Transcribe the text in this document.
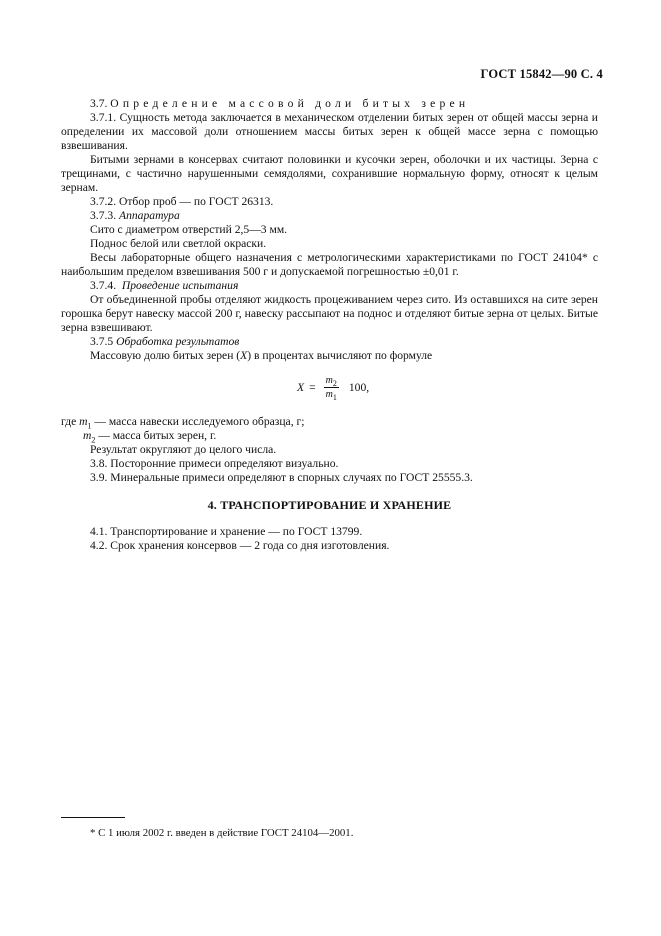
ГОСТ 15842—90 С. 4

3.7. Определение массовой доли битых зерен

3.7.1. Сущность метода заключается в механическом отделении битых зерен от общей массы зерна и определении их массовой доли отношением массы битых зерен к общей массе зерна с помощью взвешивания.

Битыми зернами в консервах считают половинки и кусочки зерен, оболочки и их частицы. Зерна с трещинами, с частично нарушенными семядолями, сохранившие нормальную форму, относят к целым зернам.

3.7.2. Отбор проб — по ГОСТ 26313.

3.7.3. Аппаратура

Сито с диаметром отверстий 2,5—3 мм.

Поднос белой или светлой окраски.

Весы лабораторные общего назначения с метрологическими характеристиками по ГОСТ 24104* с наибольшим пределом взвешивания 500 г и допускаемой погрешностью ±0,01 г.

3.7.4. Проведение испытания

От объединенной пробы отделяют жидкость процеживанием через сито. Из оставшихся на сите зерен горошка берут навеску массой 200 г, навеску рассыпают на поднос и отделяют битые зерна от целых. Битые зерна взвешивают.

3.7.5 Обработка результатов

Массовую долю битых зерен (X) в процентах вычисляют по формуле

$X = \frac{m_2}{m_1} 100$ ,

где $m_1$ — масса навески исследуемого образца, г;

$m_2$ — масса битых зерен, г.

Результат округляют до целого числа.

3.8. Посторонние примеси определяют визуально.

3.9. Минеральные примеси определяют в спорных случаях по ГОСТ 25555.3.

4. ТРАНСПОРТИРОВАНИЕ И ХРАНЕНИЕ

4.1. Транспортирование и хранение — по ГОСТ 13799.

4.2. Срок хранения консервов — 2 года со дня изготовления.

* С 1 июля 2002 г. введен в действие ГОСТ 24104—2001.
